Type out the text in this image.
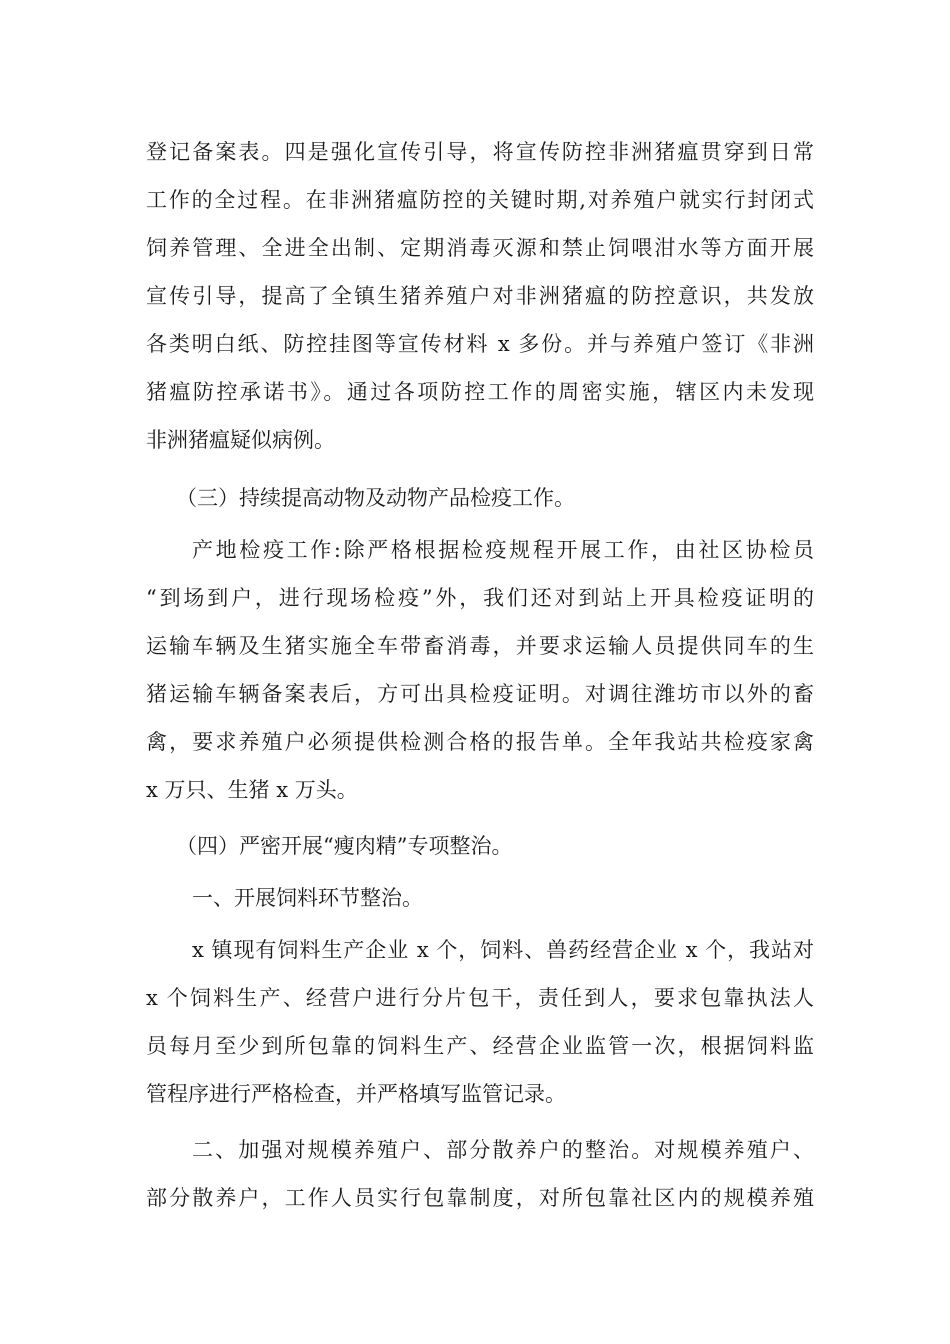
登记备案表。四是强化宣传引导，将宣传防控非洲猪瘟贯穿到日常
工作的全过程。在非洲猪瘟防控的关键时期,对养殖户就实行封闭式
饲养管理、全进全出制、定期消毒灭源和禁止饲喂泔水等方面开展
宣传引导，提高了全镇生猪养殖户对非洲猪瘟的防控意识，共发放
各类明白纸、防控挂图等宣传材料 x 多份。并与养殖户签订《非洲
猪瘟防控承诺书》。通过各项防控工作的周密实施，辖区内未发现
非洲猪瘟疑似病例。
（三）持续提高动物及动物产品检疫工作。
产地检疫工作:除严格根据检疫规程开展工作，由社区协检员
“到场到户，进行现场检疫”外，我们还对到站上开具检疫证明的
运输车辆及生猪实施全车带畜消毒，并要求运输人员提供同车的生
猪运输车辆备案表后，方可出具检疫证明。对调往潍坊市以外的畜
禽，要求养殖户必须提供检测合格的报告单。全年我站共检疫家禽
x 万只、生猪 x 万头。
（四）严密开展“瘦肉精”专项整治。
一、开展饲料环节整治。
x 镇现有饲料生产企业 x 个，饲料、兽药经营企业 x 个，我站对
x 个饲料生产、经营户进行分片包干，责任到人，要求包靠执法人
员每月至少到所包靠的饲料生产、经营企业监管一次，根据饲料监
管程序进行严格检查，并严格填写监管记录。
二、加强对规模养殖户、部分散养户的整治。对规模养殖户、
部分散养户，工作人员实行包靠制度，对所包靠社区内的规模养殖
